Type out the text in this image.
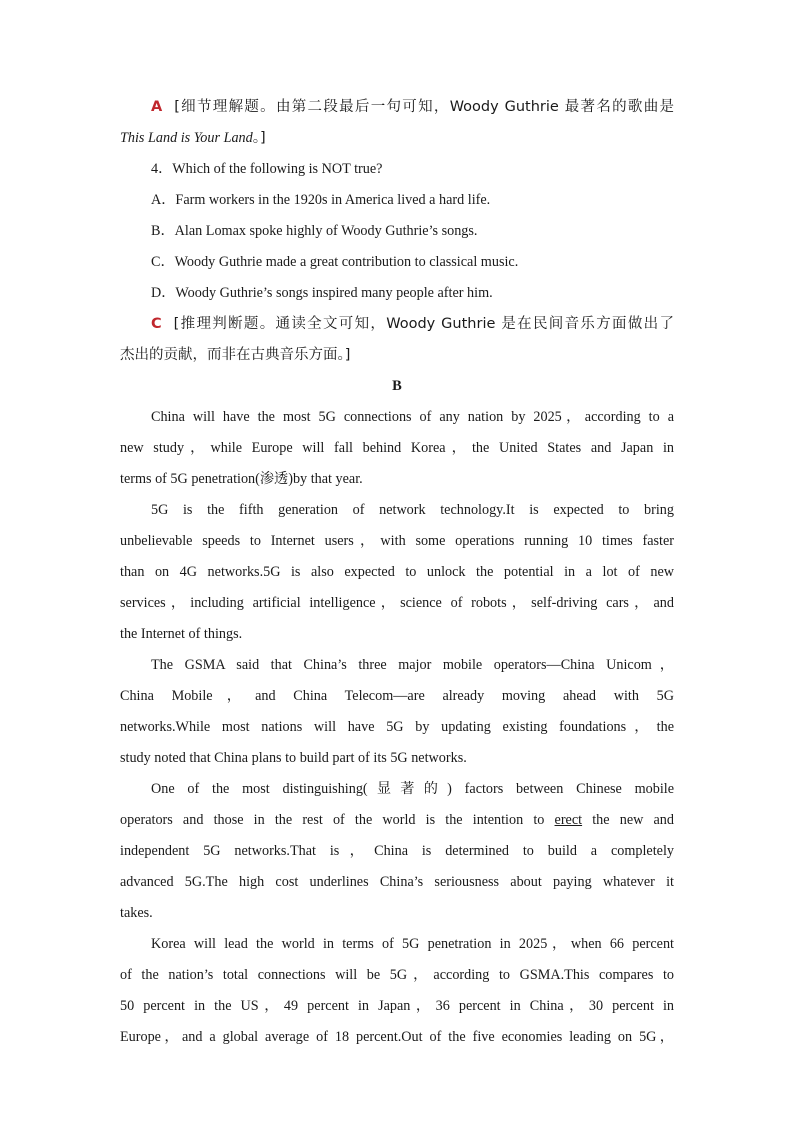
A [细节理解题。由第二段最后一句可知，Woody Guthrie 最著名的歌曲是
This Land is Your Land。]
4．Which of the following is NOT true?
A．Farm workers in the 1920s in America lived a hard life.
B．Alan Lomax spoke highly of Woody Guthrie’s songs.
C．Woody Guthrie made a great contribution to classical music.
D．Woody Guthrie’s songs inspired many people after him.
C [推理判断题。通读全文可知，Woody Guthrie 是在民间音乐方面做出了
杰出的贡献，而非在古典音乐方面。]
B
China will have the most 5G connections of any nation by 2025，according to a
new study，while Europe will fall behind Korea，the United States and Japan in
terms of 5G penetration(渗透)by that year.
5G is the fifth generation of network technology.It is expected to bring
unbelievable speeds to Internet users，with some operations running 10 times faster
than on 4G networks.5G is also expected to unlock the potential in a lot of new
services，including artificial intelligence，science of robots，self-driving cars，and
the Internet of things.
The GSMA said that China’s three major mobile operators—China Unicom，
China Mobile，and China Telecom—are already moving ahead with 5G
networks.While most nations will have 5G by updating existing foundations，the
study noted that China plans to build part of its 5G networks.
One of the most distinguishing(显著的) factors between Chinese mobile
operators and those in the rest of the world is the intention to erect the new and
independent 5G networks.That is，China is determined to build a completely
advanced 5G.The high cost underlines China’s seriousness about paying whatever it
takes.
Korea will lead the world in terms of 5G penetration in 2025，when 66 percent
of the nation’s total connections will be 5G，according to GSMA.This compares to
50 percent in the US，49 percent in Japan，36 percent in China，30 percent in
Europe，and a global average of 18 percent.Out of the five economies leading on 5G，
